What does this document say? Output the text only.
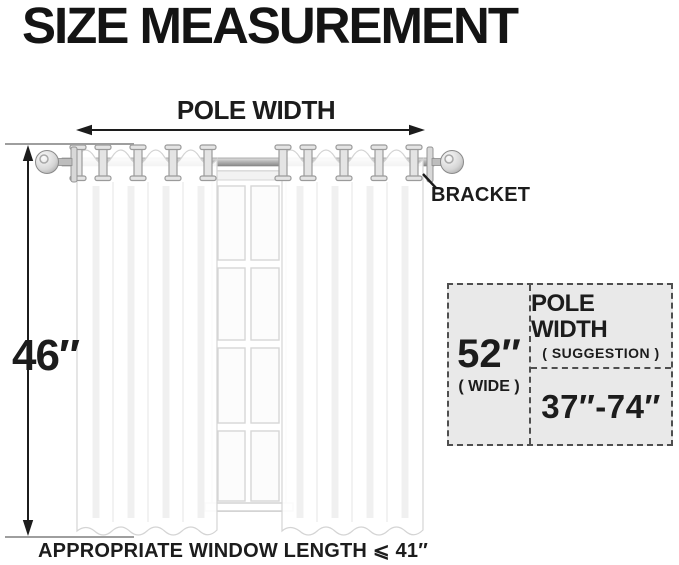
SIZE MEASUREMENT
POLE WIDTH
46″
BRACKET
APPROPRIATE WINDOW LENGTH ⩽ 41″
52″
( WIDE )
POLE WIDTH
( SUGGESTION )
37″-74″
